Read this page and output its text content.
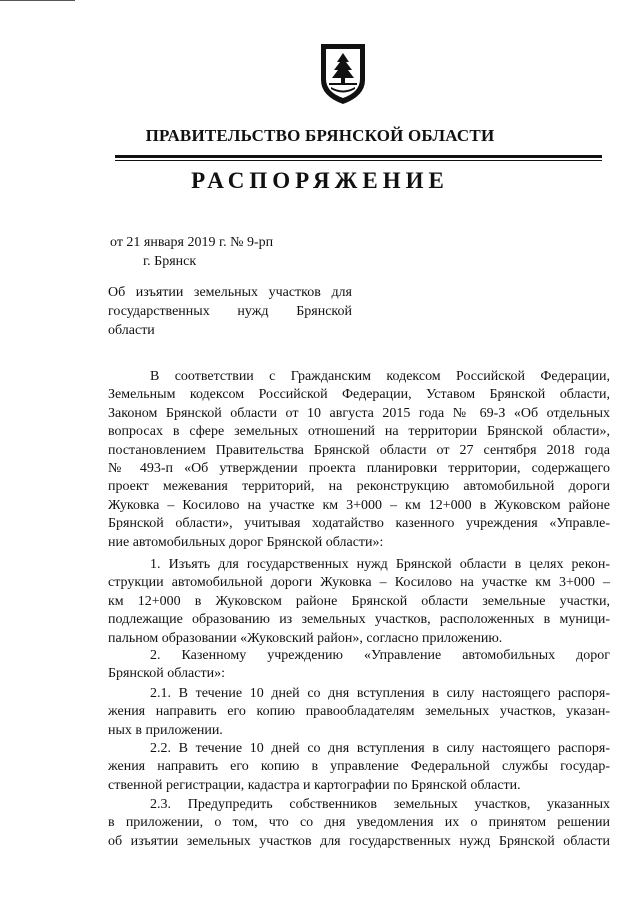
ПРАВИТЕЛЬСТВО БРЯНСКОЙ ОБЛАСТИ
РАСПОРЯЖЕНИЕ
от 21 января 2019 г. № 9-рп
г. Брянск
Об изъятии земельных участков для
государственных нужд Брянской
области
В соответствии с Гражданским кодексом Российской Федерации,
Земельным кодексом Российской Федерации, Уставом Брянской области,
Законом Брянской области от 10 августа 2015 года № 69-З «Об отдельных
вопросах в сфере земельных отношений на территории Брянской области»,
постановлением Правительства Брянской области от 27 сентября 2018 года
№ 493-п «Об утверждении проекта планировки территории, содержащего
проект межевания территорий, на реконструкцию автомобильной дороги
Жуковка – Косилово на участке км 3+000 – км 12+000 в Жуковском районе
Брянской области», учитывая ходатайство казенного учреждения «Управле-
ние автомобильных дорог Брянской области»:
1. Изъять для государственных нужд Брянской области в целях рекон-
струкции автомобильной дороги Жуковка – Косилово на участке км 3+000 –
км 12+000 в Жуковском районе Брянской области земельные участки,
подлежащие образованию из земельных участков, расположенных в муници-
пальном образовании «Жуковский район», согласно приложению.
2. Казенному учреждению «Управление автомобильных дорог
Брянской области»:
2.1. В течение 10 дней со дня вступления в силу настоящего распоря-
жения направить его копию правообладателям земельных участков, указан-
ных в приложении.
2.2. В течение 10 дней со дня вступления в силу настоящего распоря-
жения направить его копию в управление Федеральной службы государ-
ственной регистрации, кадастра и картографии по Брянской области.
2.3. Предупредить собственников земельных участков, указанных
в приложении, о том, что со дня уведомления их о принятом решении
об изъятии земельных участков для государственных нужд Брянской области
